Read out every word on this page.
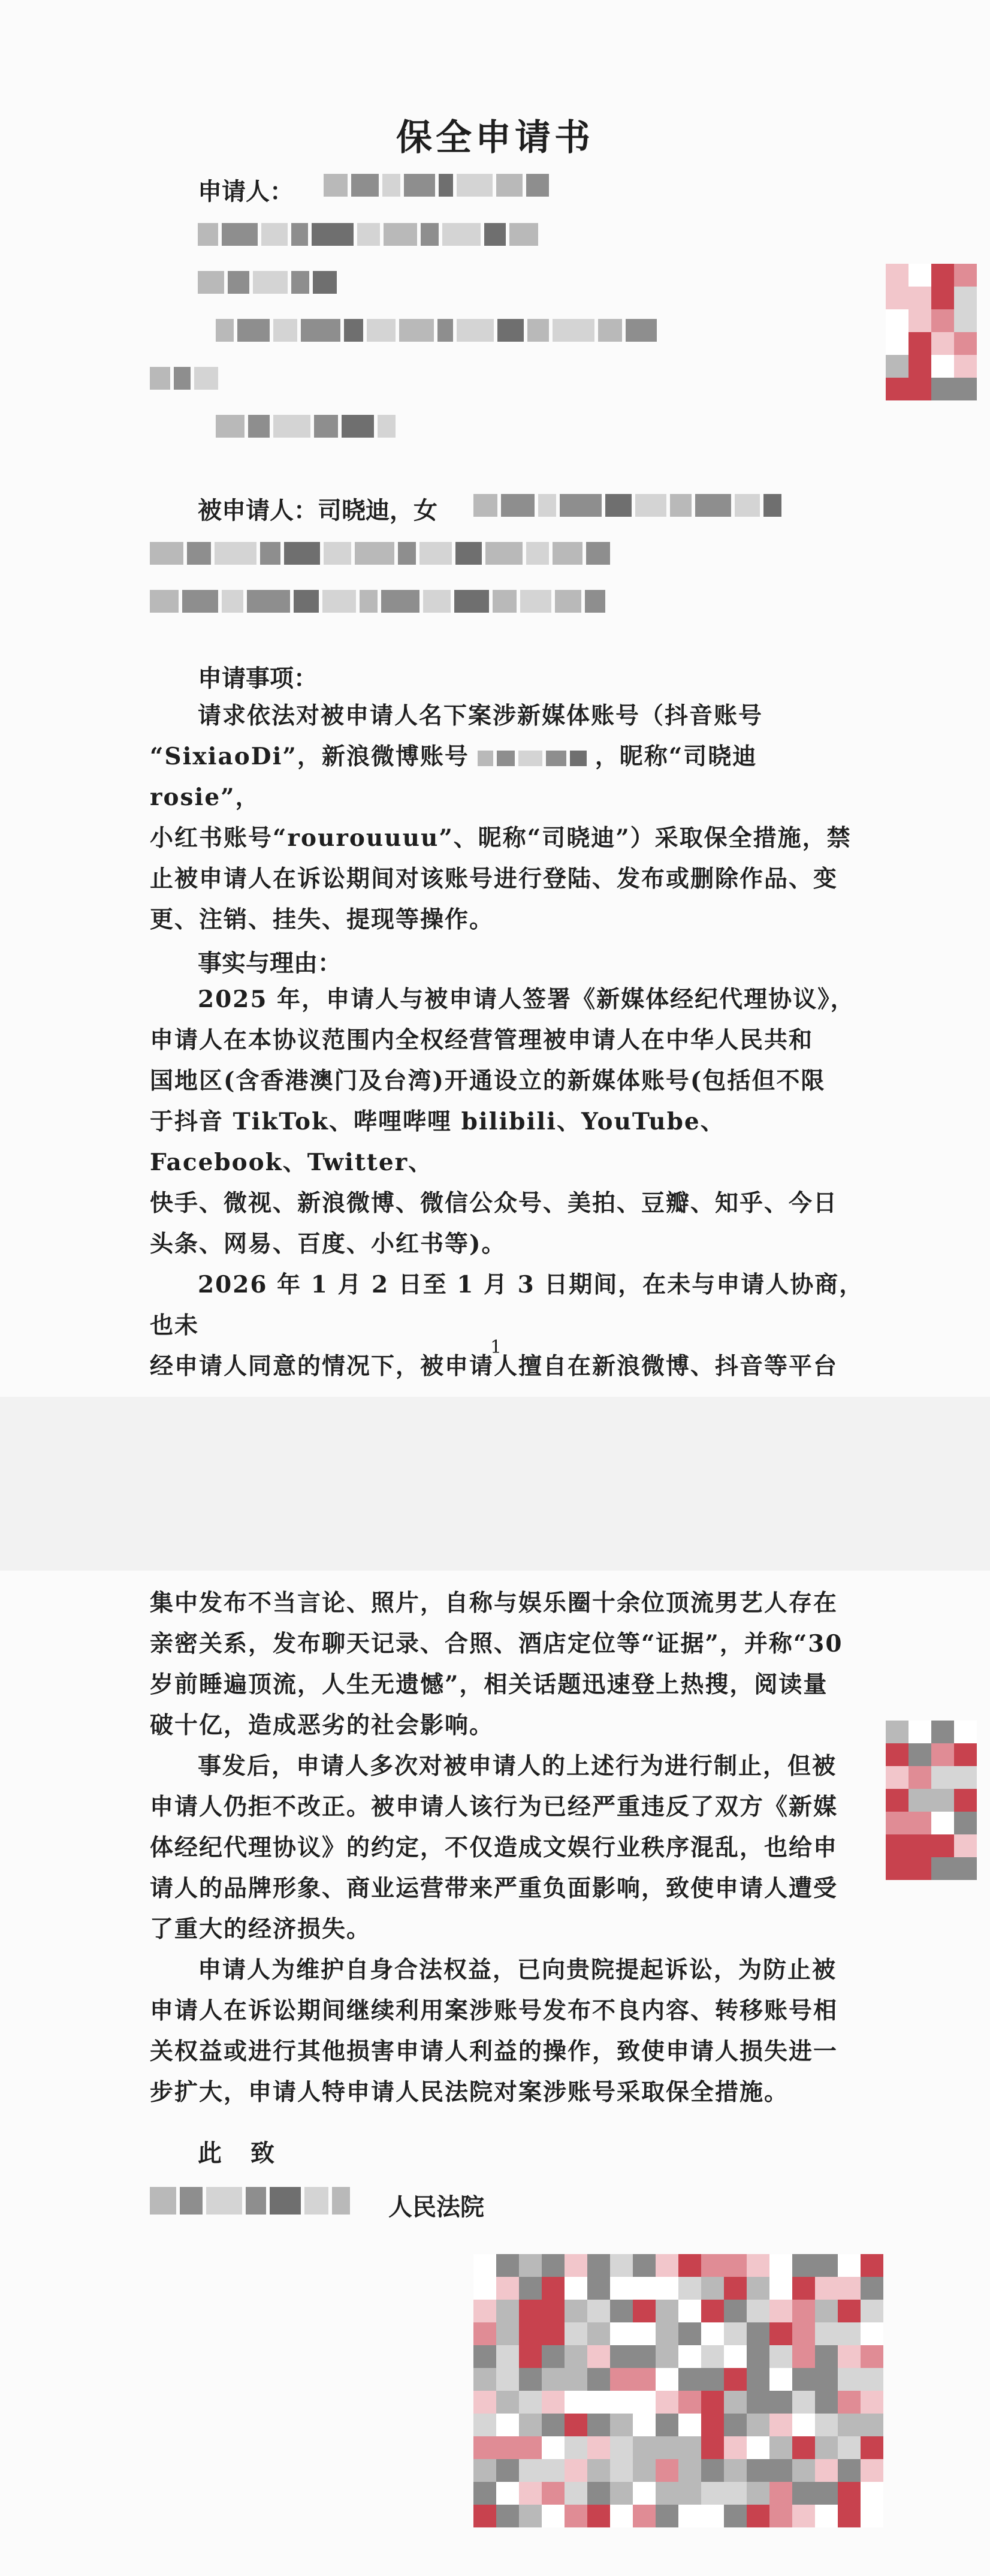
保全申请书
申请人：
被申请人：司晓迪，女
申请事项：

请求依法对被申请人名下案涉新媒体账号（抖音账号

“SixiaoDi”，新浪微博账号	，昵称“司晓迪 rosie”，

小红书账号“rourouuuu”、昵称“司晓迪”）采取保全措施，禁

止被申请人在诉讼期间对该账号进行登陆、发布或删除作品、变

更、注销、挂失、提现等操作。

事实与理由：

2025 年，申请人与被申请人签署《新媒体经纪代理协议》，

申请人在本协议范围内全权经营管理被申请人在中华人民共和

国地区(含香港澳门及台湾)开通设立的新媒体账号(包括但不限

于抖音 TikTok、哔哩哔哩 bilibili、YouTube、Facebook、Twitter、

快手、微视、新浪微博、微信公众号、美拍、豆瓣、知乎、今日

头条、网易、百度、小红书等)。

2026 年 1 月 2 日至 1 月 3 日期间，在未与申请人协商，也未

经申请人同意的情况下，被申请人擅自在新浪微博、抖音等平台

1

集中发布不当言论、照片，自称与娱乐圈十余位顶流男艺人存在

亲密关系，发布聊天记录、合照、酒店定位等“证据”，并称“30

岁前睡遍顶流，人生无遗憾”，相关话题迅速登上热搜，阅读量

破十亿，造成恶劣的社会影响。

事发后，申请人多次对被申请人的上述行为进行制止，但被

申请人仍拒不改正。被申请人该行为已经严重违反了双方《新媒

体经纪代理协议》的约定，不仅造成文娱行业秩序混乱，也给申

请人的品牌形象、商业运营带来严重负面影响，致使申请人遭受

了重大的经济损失。

申请人为维护自身合法权益，已向贵院提起诉讼，为防止被

申请人在诉讼期间继续利用案涉账号发布不良内容、转移账号相

关权益或进行其他损害申请人利益的操作，致使申请人损失进一

步扩大，申请人特申请人民法院对案涉账号采取保全措施。

此　致
人民法院
